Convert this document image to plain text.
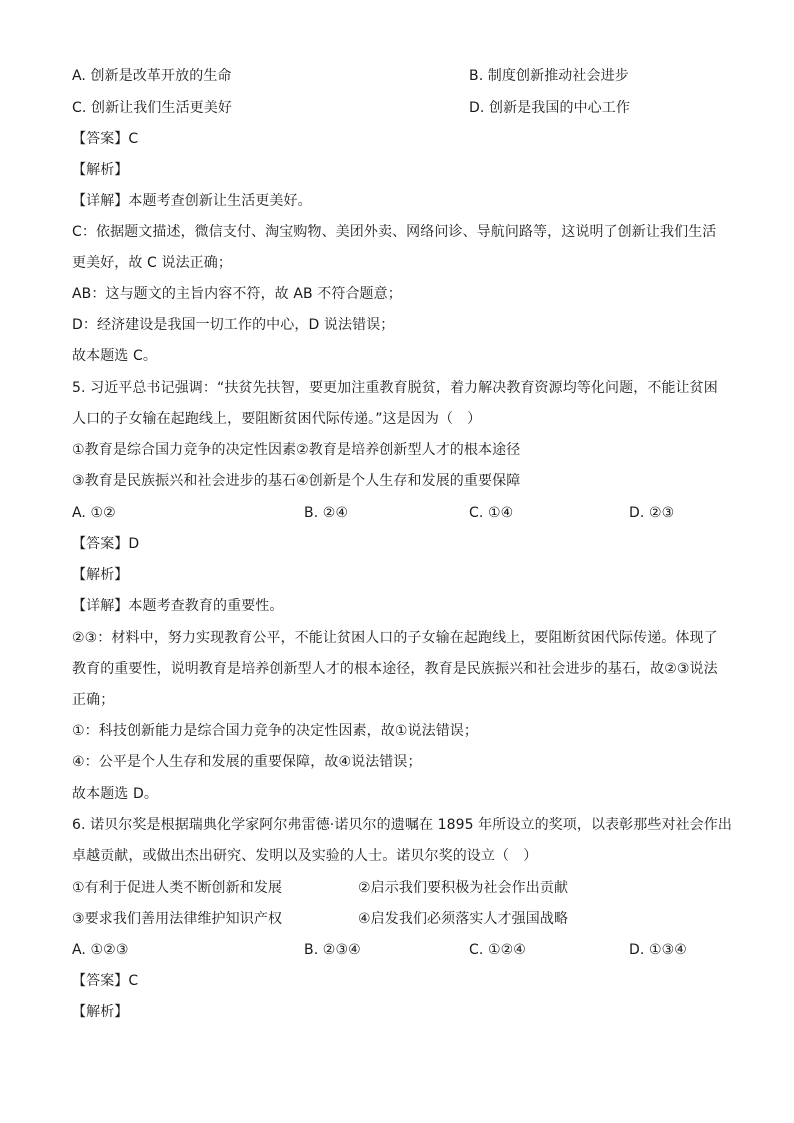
A. 创新是改革开放的生命	B. 制度创新推动社会进步
C. 创新让我们生活更美好	D. 创新是我国的中心工作
【答案】C
【解析】
【详解】本题考查创新让生活更美好。
C：依据题文描述，微信支付、淘宝购物、美团外卖、网络问诊、导航问路等，这说明了创新让我们生活
更美好，故 C 说法正确；
AB：这与题文的主旨内容不符，故 AB 不符合题意；
D：经济建设是我国一切工作的中心，D 说法错误；
故本题选 C。
5. 习近平总书记强调：“扶贫先扶智，要更加注重教育脱贫，着力解决教育资源均等化问题，不能让贫困
人口的子女输在起跑线上，要阻断贫困代际传递。”这是因为（　）
①教育是综合国力竞争的决定性因素②教育是培养创新型人才的根本途径
③教育是民族振兴和社会进步的基石④创新是个人生存和发展的重要保障
A. ①②	B. ②④	C. ①④	D. ②③
【答案】D
【解析】
【详解】本题考查教育的重要性。
②③：材料中，努力实现教育公平，不能让贫困人口的子女输在起跑线上，要阻断贫困代际传递。体现了
教育的重要性，说明教育是培养创新型人才的根本途径，教育是民族振兴和社会进步的基石，故②③说法
正确；
①：科技创新能力是综合国力竞争的决定性因素，故①说法错误；
④：公平是个人生存和发展的重要保障，故④说法错误；
故本题选 D。
6. 诺贝尔奖是根据瑞典化学家阿尔弗雷德·诺贝尔的遗嘱在 1895 年所设立的奖项，以表彰那些对社会作出
卓越贡献，或做出杰出研究、发明以及实验的人士。诺贝尔奖的设立（　）
①有利于促进人类不断创新和发展	②启示我们要积极为社会作出贡献
③要求我们善用法律维护知识产权	④启发我们必须落实人才强国战略
A. ①②③	B. ②③④	C. ①②④	D. ①③④
【答案】C
【解析】
